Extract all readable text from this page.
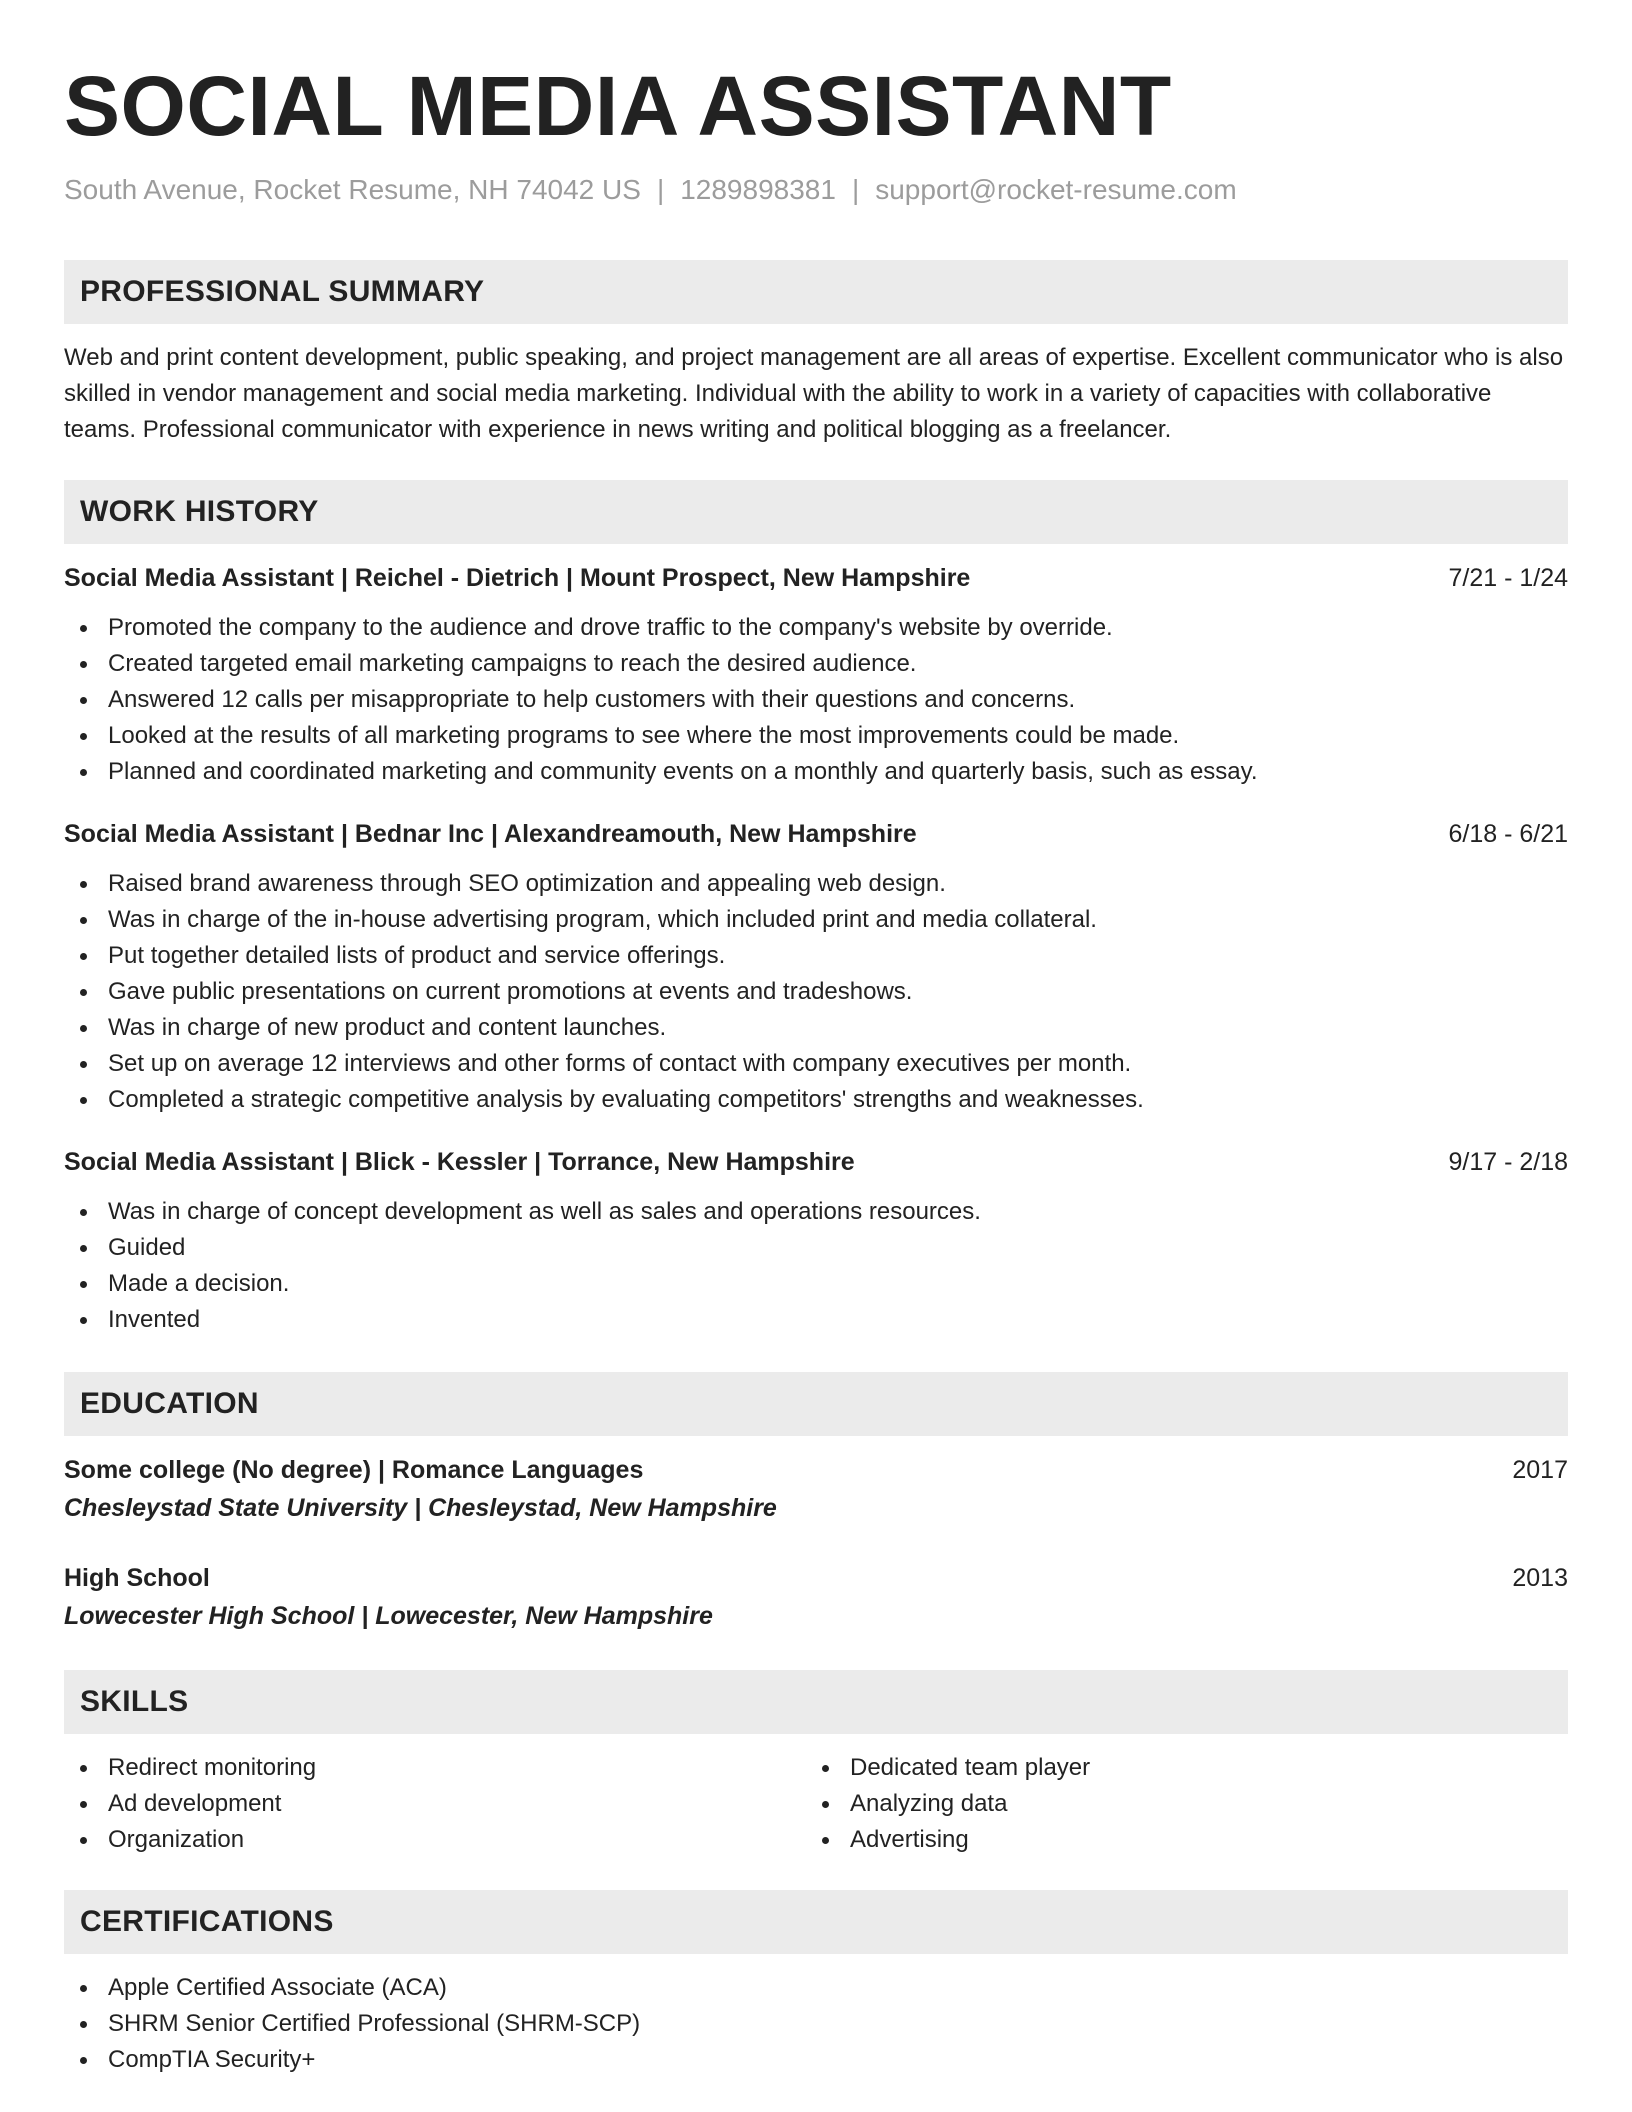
SOCIAL MEDIA ASSISTANT
South Avenue, Rocket Resume, NH 74042 US | 1289898381 | support@rocket-resume.com
PROFESSIONAL SUMMARY
Web and print content development, public speaking, and project management are all areas of expertise. Excellent communicator who is also skilled in vendor management and social media marketing. Individual with the ability to work in a variety of capacities with collaborative teams. Professional communicator with experience in news writing and political blogging as a freelancer.
WORK HISTORY
Social Media Assistant | Reichel - Dietrich | Mount Prospect, New Hampshire	7/21 - 1/24
Promoted the company to the audience and drove traffic to the company's website by override.
Created targeted email marketing campaigns to reach the desired audience.
Answered 12 calls per misappropriate to help customers with their questions and concerns.
Looked at the results of all marketing programs to see where the most improvements could be made.
Planned and coordinated marketing and community events on a monthly and quarterly basis, such as essay.
Social Media Assistant | Bednar Inc | Alexandreamouth, New Hampshire	6/18 - 6/21
Raised brand awareness through SEO optimization and appealing web design.
Was in charge of the in-house advertising program, which included print and media collateral.
Put together detailed lists of product and service offerings.
Gave public presentations on current promotions at events and tradeshows.
Was in charge of new product and content launches.
Set up on average 12 interviews and other forms of contact with company executives per month.
Completed a strategic competitive analysis by evaluating competitors' strengths and weaknesses.
Social Media Assistant | Blick - Kessler | Torrance, New Hampshire	9/17 - 2/18
Was in charge of concept development as well as sales and operations resources.
Guided
Made a decision.
Invented
EDUCATION
Some college (No degree) | Romance Languages	2017
Chesleystad State University | Chesleystad, New Hampshire
High School	2013
Lowecester High School | Lowecester, New Hampshire
SKILLS
Redirect monitoring
Ad development
Organization
Dedicated team player
Analyzing data
Advertising
CERTIFICATIONS
Apple Certified Associate (ACA)
SHRM Senior Certified Professional (SHRM-SCP)
CompTIA Security+
